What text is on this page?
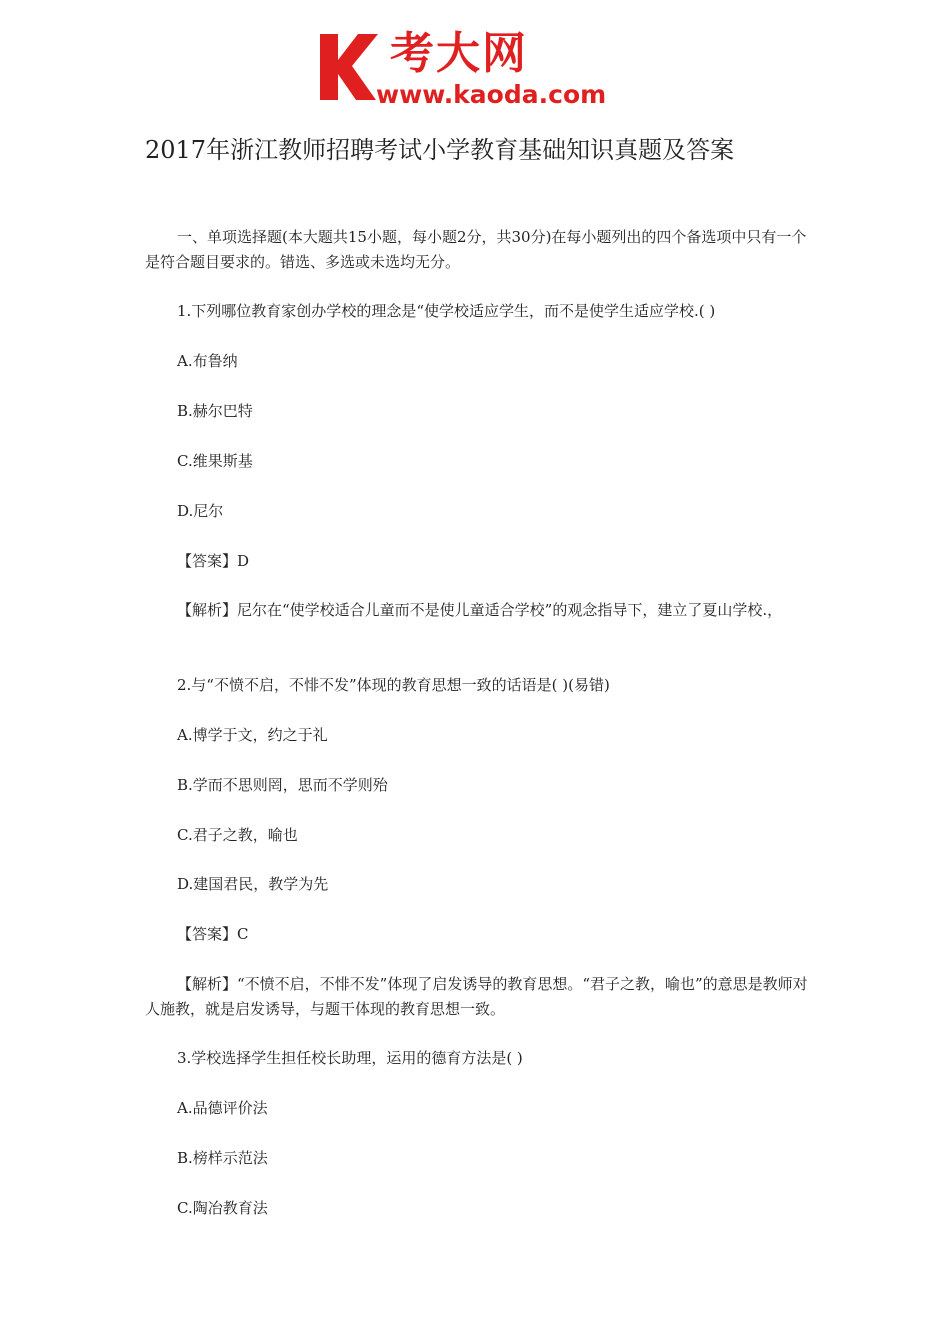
考大网
www.kaoda.com
2017年浙江教师招聘考试小学教育基础知识真题及答案

一、单项选择题(本大题共15小题，每小题2分，共30分)在每小题列出的四个备选项中只有一个是符合题目要求的。错选、多选或未选均无分。

1.下列哪位教育家创办学校的理念是“使学校适应学生，而不是使学生适应学校.( )

A.布鲁纳

B.赫尔巴特

C.维果斯基

D.尼尔

【答案】D

【解析】尼尔在“使学校适合儿童而不是使儿童适合学校”的观念指导下，建立了夏山学校.，

2.与“不愤不启，不悱不发”体现的教育思想一致的话语是( )(易错)

A.博学于文，约之于礼

B.学而不思则罔，思而不学则殆

C.君子之教，喻也

D.建国君民，教学为先

【答案】C

【解析】“不愤不启，不悱不发”体现了启发诱导的教育思想。“君子之教，喻也”的意思是教师对人施教，就是启发诱导，与题干体现的教育思想一致。

3.学校选择学生担任校长助理，运用的德育方法是( )

A.品德评价法

B.榜样示范法

C.陶冶教育法
